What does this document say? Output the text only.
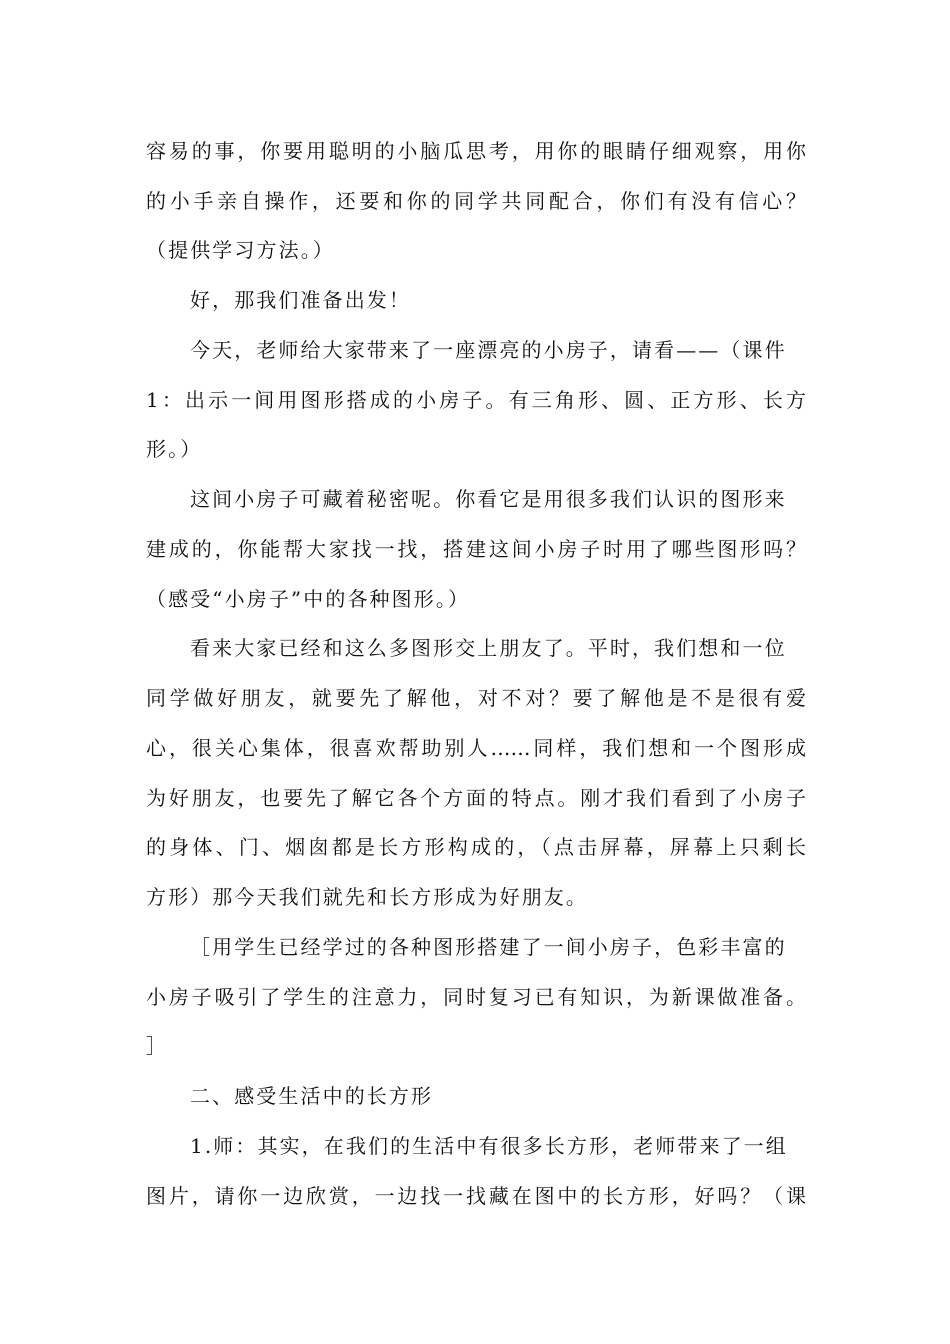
容易的事，你要用聪明的小脑瓜思考，用你的眼睛仔细观察，用你
的小手亲自操作，还要和你的同学共同配合，你们有没有信心？
（提供学习方法。）
好，那我们准备出发！
今天，老师给大家带来了一座漂亮的小房子，请看——（课件
1：出示一间用图形搭成的小房子。有三角形、圆、正方形、长方
形。）
这间小房子可藏着秘密呢。你看它是用很多我们认识的图形来
建成的，你能帮大家找一找，搭建这间小房子时用了哪些图形吗？
（感受“小房子”中的各种图形。）
看来大家已经和这么多图形交上朋友了。平时，我们想和一位
同学做好朋友，就要先了解他，对不对？要了解他是不是很有爱
心，很关心集体，很喜欢帮助别人……同样，我们想和一个图形成
为好朋友，也要先了解它各个方面的特点。刚才我们看到了小房子
的身体、门、烟囱都是长方形构成的，（点击屏幕，屏幕上只剩长
方形）那今天我们就先和长方形成为好朋友。
［用学生已经学过的各种图形搭建了一间小房子，色彩丰富的
小房子吸引了学生的注意力，同时复习已有知识，为新课做准备。
］
二、感受生活中的长方形
1.师：其实，在我们的生活中有很多长方形，老师带来了一组
图片，请你一边欣赏，一边找一找藏在图中的长方形，好吗？（课
